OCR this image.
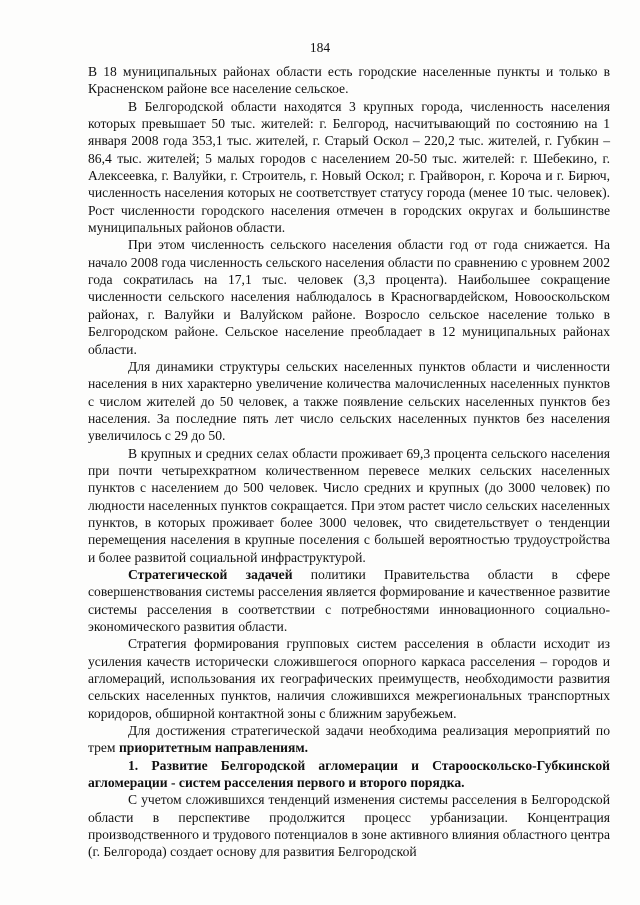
184

В 18 муниципальных районах области есть городские населенные пункты и только в Красненском районе все население сельское.

В Белгородской области находятся 3 крупных города, численность населения которых превышает 50 тыс. жителей: г. Белгород, насчитывающий по состоянию на 1 января 2008 года 353,1 тыс. жителей, г. Старый Оскол – 220,2 тыс. жителей, г. Губкин – 86,4 тыс. жителей; 5 малых городов с населением 20-50 тыс. жителей: г. Шебекино, г. Алексеевка, г. Валуйки, г. Строитель, г. Новый Оскол; г. Грайворон, г. Короча и г. Бирюч, численность населения которых не соответствует статусу города (менее 10 тыс. человек). Рост численности городского населения отмечен в городских округах и большинстве муниципальных районов области.

При этом численность сельского населения области год от года снижается. На начало 2008 года численность сельского населения области по сравнению с уровнем 2002 года сократилась на 17,1 тыс. человек (3,3 процента). Наибольшее сокращение численности сельского населения наблюдалось в Красногвардейском, Новооскольском районах, г. Валуйки и Валуйском районе. Возросло сельское население только в Белгородском районе. Сельское население преобладает в 12 муниципальных районах области.

Для динамики структуры сельских населенных пунктов области и численности населения в них характерно увеличение количества малочисленных населенных пунктов с числом жителей до 50 человек, а также появление сельских населенных пунктов без населения. За последние пять лет число сельских населенных пунктов без населения увеличилось с 29 до 50.

В крупных и средних селах области проживает 69,3 процента сельского населения при почти четырехкратном количественном перевесе мелких сельских населенных пунктов с населением до 500 человек. Число средних и крупных (до 3000 человек) по людности населенных пунктов сокращается. При этом растет число сельских населенных пунктов, в которых проживает более 3000 человек, что свидетельствует о тенденции перемещения населения в крупные поселения с большей вероятностью трудоустройства и более развитой социальной инфраструктурой.

Стратегической задачей политики Правительства области в сфере совершенствования системы расселения является формирование и качественное развитие системы расселения в соответствии с потребностями инновационного социально-экономического развития области.

Стратегия формирования групповых систем расселения в области исходит из усиления качеств исторически сложившегося опорного каркаса расселения – городов и агломераций, использования их географических преимуществ, необходимости развития сельских населенных пунктов, наличия сложившихся межрегиональных транспортных коридоров, обширной контактной зоны с ближним зарубежьем.

Для достижения стратегической задачи необходима реализация мероприятий по трем приоритетным направлениям.

1. Развитие Белгородской агломерации и Старооскольско-Губкинской агломерации - систем расселения первого и второго порядка.

С учетом сложившихся тенденций изменения системы расселения в Белгородской области в перспективе продолжится процесс урбанизации. Концентрация производственного и трудового потенциалов в зоне активного влияния областного центра (г. Белгорода) создает основу для развития Белгородской
